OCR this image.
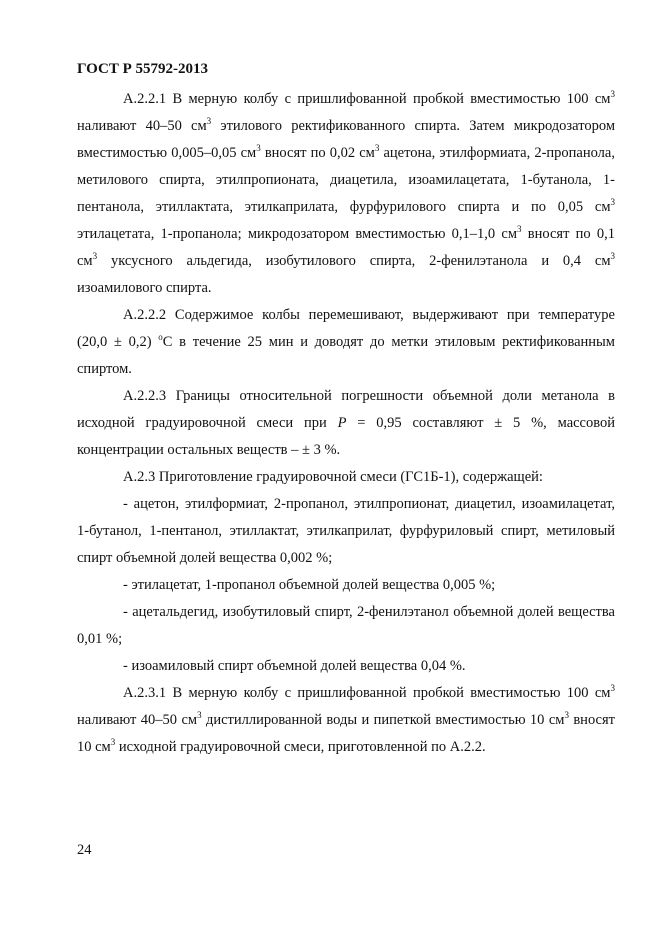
ГОСТ Р 55792-2013

А.2.2.1 В мерную колбу с пришлифованной пробкой вместимостью 100 $см^3$ наливают 40–50 $см^3$ этилового ректификованного спирта. Затем микродозатором вместимостью 0,005–0,05 $см^3$ вносят по 0,02 $см^3$ ацетона, этилформиата, 2-пропанола, метилового спирта, этилпропионата, диацетила, изоамилацетата, 1-бутанола, 1-пентанола, этиллактата, этилкаприлата, фурфурилового спирта и по 0,05 $см^3$ этилацетата, 1-пропанола; микродозатором вместимостью 0,1–1,0 $см^3$ вносят по 0,1 $см^3$ уксусного альдегида, изобутилового спирта, 2-фенилэтанола и 0,4 $см^3$ изоамилового спирта.

А.2.2.2 Содержимое колбы перемешивают, выдерживают при температуре (20,0 ± 0,2) $^o$С в течение 25 мин и доводят до метки этиловым ректификованным спиртом.

А.2.2.3 Границы относительной погрешности объемной доли метанола в исходной градуировочной смеси при P = 0,95 составляют ± 5 %, массовой концентрации остальных веществ – ± 3 %.

А.2.3 Приготовление градуировочной смеси (ГС1Б-1), содержащей:

- ацетон, этилформиат, 2-пропанол, этилпропионат, диацетил, изоамилацетат, 1-бутанол, 1-пентанол, этиллактат, этилкаприлат, фурфуриловый спирт, метиловый спирт объемной долей вещества 0,002 %;

- этилацетат, 1-пропанол объемной долей вещества 0,005 %;

- ацетальдегид, изобутиловый спирт, 2-фенилэтанол объемной долей вещества 0,01 %;

- изоамиловый спирт объемной долей вещества 0,04 %.

А.2.3.1 В мерную колбу с пришлифованной пробкой вместимостью 100 $см^3$ наливают 40–50 $см^3$ дистиллированной воды и пипеткой вместимостью 10 $см^3$ вносят 10 $см^3$ исходной градуировочной смеси, приготовленной по А.2.2.

24
